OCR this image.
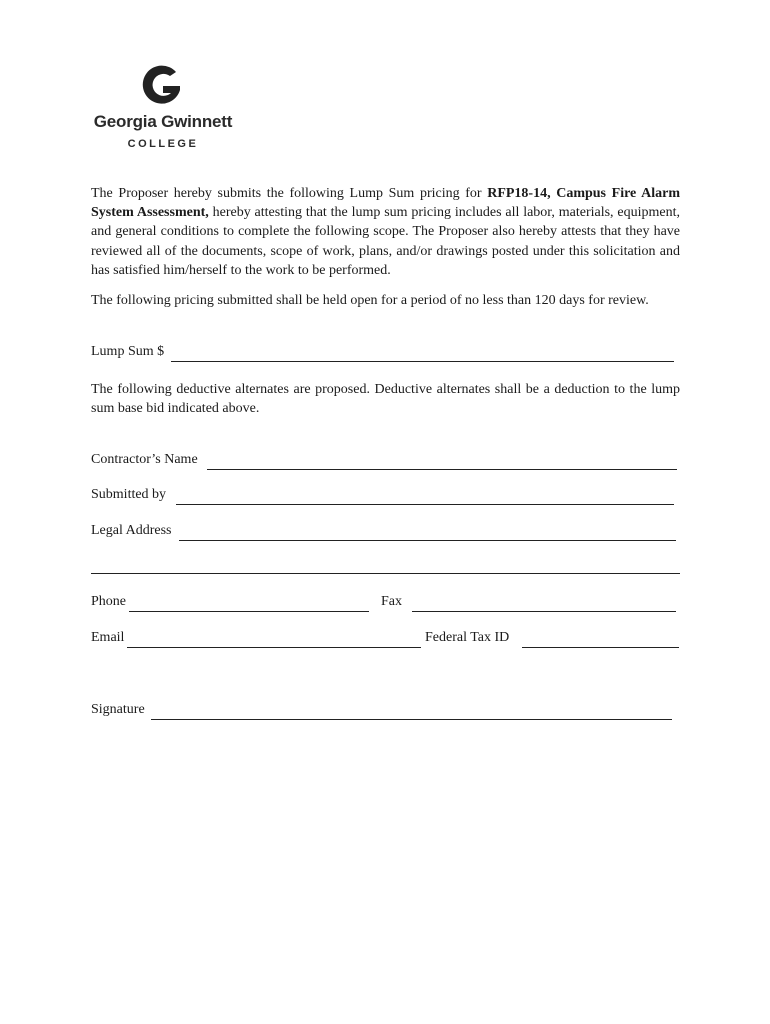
Georgia Gwinnett
COLLEGE

The Proposer hereby submits the following Lump Sum pricing for RFP18-14, Campus Fire Alarm System Assessment, hereby attesting that the lump sum pricing includes all labor, materials, equipment, and general conditions to complete the following scope. The Proposer also hereby attests that they have reviewed all of the documents, scope of work, plans, and/or drawings posted under this solicitation and has satisfied him/herself to the work to be performed.

The following pricing submitted shall be held open for a period of no less than 120 days for review.

Lump Sum $

The following deductive alternates are proposed. Deductive alternates shall be a deduction to the lump sum base bid indicated above.

Contractor’s Name
Submitted by
Legal Address
Phone	Fax
Email	Federal Tax ID
Signature
